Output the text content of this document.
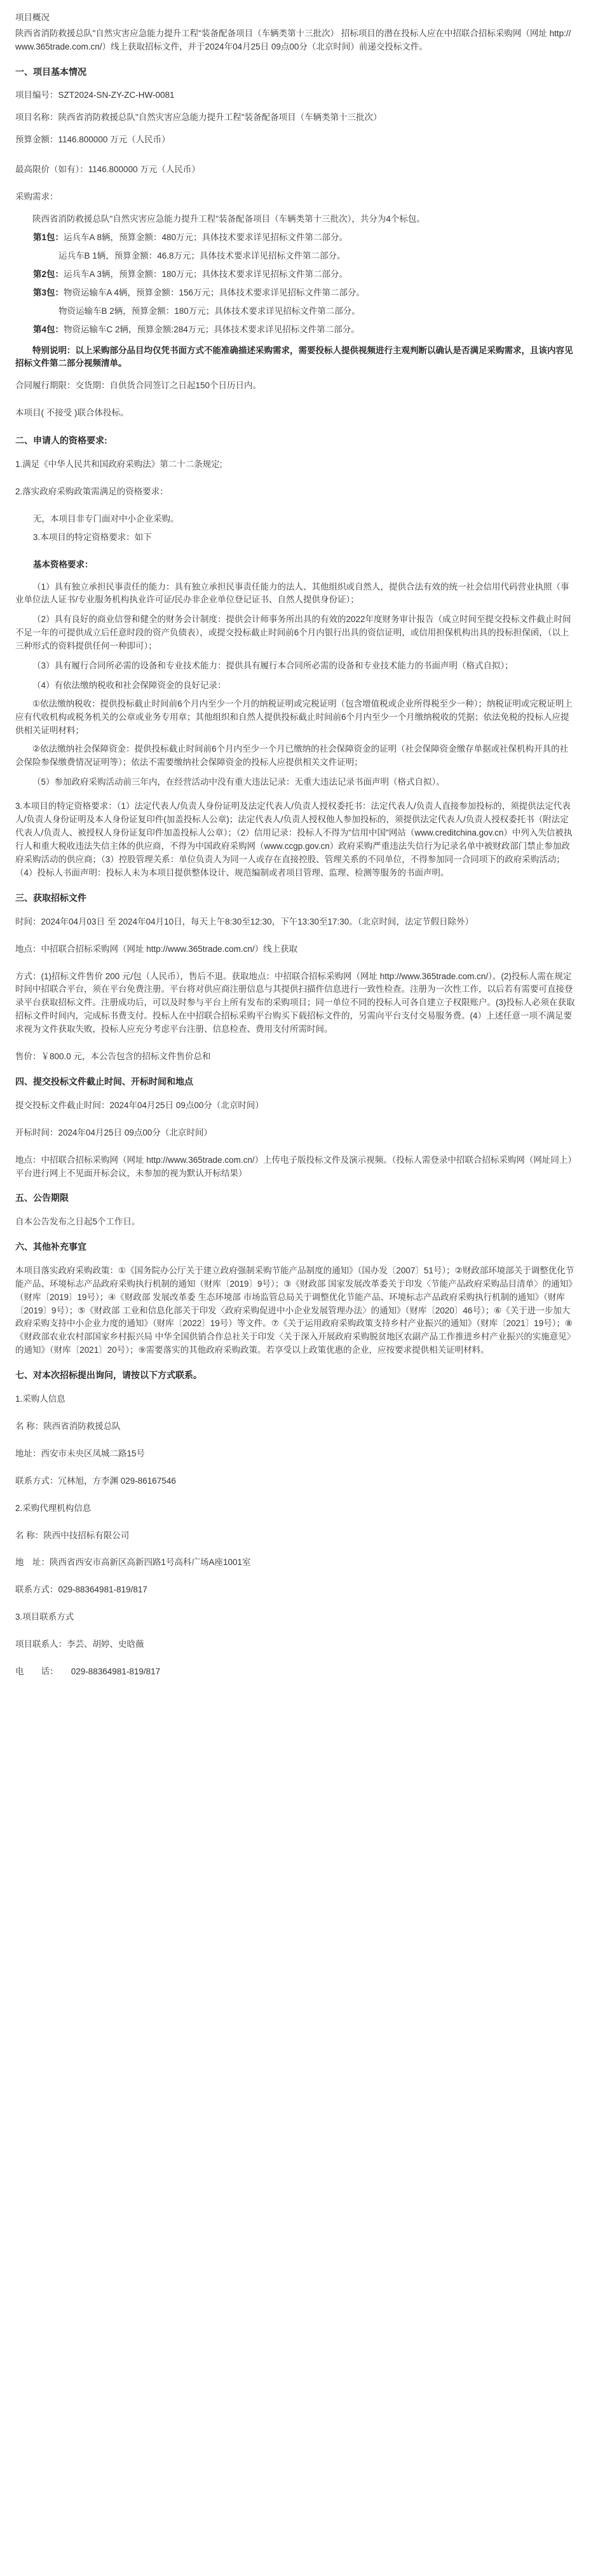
项目概况
陕西省消防救援总队"自然灾害应急能力提升工程"装备配备项目（车辆类第十三批次） 招标项目的潜在投标人应在中招联合招标采购网（网址 http://www.365trade.com.cn/）线上获取招标文件，并于2024年04月25日 09点00分（北京时间）前递交投标文件。
一、项目基本情况
项目编号：SZT2024-SN-ZY-ZC-HW-0081
项目名称：陕西省消防救援总队"自然灾害应急能力提升工程"装备配备项目（车辆类第十三批次）
预算金额：1146.800000 万元（人民币）
最高限价（如有）：1146.800000 万元（人民币）
采购需求：
陕西省消防救援总队"自然灾害应急能力提升工程"装备配备项目（车辆类第十三批次），共分为4个标包。
第1包：运兵车A 8辆，预算金额：480万元；具体技术要求详见招标文件第二部分。
运兵车B 1辆，预算金额：46.8万元；具体技术要求详见招标文件第二部分。
第2包：运兵车A 3辆，预算金额：180万元；具体技术要求详见招标文件第二部分。
第3包：物资运输车A 4辆，预算金额：156万元；具体技术要求详见招标文件第二部分。
物资运输车B 2辆，预算金额：180万元；具体技术要求详见招标文件第二部分。
第4包：物资运输车C 2辆，预算金额:284万元；具体技术要求详见招标文件第二部分。
特别说明：以上采购部分品目均仅凭书面方式不能准确描述采购需求，需要投标人提供视频进行主观判断以确认是否满足采购需求，且该内容见招标文件第二部分视频清单。
合同履行期限：交货期：自供货合同签订之日起150个日历日内。
本项目( 不接受 )联合体投标。
二、申请人的资格要求:
1.满足《中华人民共和国政府采购法》第二十二条规定;
2.落实政府采购政策需满足的资格要求：
无，本项目非专门面对中小企业采购。
3.本项目的特定资格要求：如下
基本资格要求：
（1）具有独立承担民事责任的能力：具有独立承担民事责任能力的法人、其他组织或自然人，提供合法有效的统一社会信用代码营业执照（事业单位法人证书/专业服务机构执业许可证/民办非企业单位登记证书、自然人提供身份证）；
（2）具有良好的商业信誉和健全的财务会计制度：提供会计师事务所出具的有效的2022年度财务审计报告（成立时间至提交投标文件截止时间不足一年的可提供成立后任意时段的资产负债表），或提交投标截止时间前6个月内银行出具的资信证明，或信用担保机构出具的投标担保函，（以上三种形式的资料提供任何一种即可）；
（3）具有履行合同所必需的设备和专业技术能力：提供具有履行本合同所必需的设备和专业技术能力的书面声明（格式自拟）；
（4）有依法缴纳税收和社会保障资金的良好记录：
①依法缴纳税收：提供投标截止时间前6个月内至少一个月的纳税证明或完税证明（包含增值税或企业所得税至少一种）；纳税证明或完税证明上应有代收机构或税务机关的公章或业务专用章；其他组织和自然人提供投标截止时间前6个月内至少一个月缴纳税收的凭据；依法免税的投标人应提供相关证明材料；
②依法缴纳社会保障资金：提供投标截止时间前6个月内至少一个月已缴纳的社会保障资金的证明（社会保障资金缴存单据或社保机构开具的社会保险参保缴费情况证明等）；依法不需要缴纳社会保障资金的投标人应提供相关文件证明；
（5）参加政府采购活动前三年内，在经营活动中没有重大违法记录：无重大违法记录书面声明（格式自拟）。
3.本项目的特定资格要求：（1）法定代表人/负责人身份证明及法定代表人/负责人授权委托书：法定代表人/负责人直接参加投标的，须提供法定代表人/负责人身份证明及本人身份证复印件(加盖投标人公章)；法定代表人/负责人授权他人参加投标的，须提供法定代表人/负责人授权委托书（附法定代表人/负责人、被授权人身份证复印件加盖投标人公章）；（2）信用记录：投标人不得为"信用中国"网站（www.creditchina.gov.cn）中列入失信被执行人和重大税收违法失信主体的供应商，不得为中国政府采购网（www.ccgp.gov.cn）政府采购严重违法失信行为记录名单中被财政部门禁止参加政府采购活动的供应商；（3）控股管理关系：单位负责人为同一人或存在直接控股、管理关系的不同单位，不得参加同一合同项下的政府采购活动；（4）投标人书面声明：投标人未为本项目提供整体设计、规范编制或者项目管理、监理、检测等服务的书面声明。
三、获取招标文件
时间：2024年04月03日 至 2024年04月10日，每天上午8:30至12:30，下午13:30至17:30。（北京时间，法定节假日除外）
地点：中招联合招标采购网（网址 http://www.365trade.com.cn/）线上获取
方式：(1)招标文件售价 200 元/包（人民币），售后不退。获取地点：中招联合招标采购网（网址 http://www.365trade.com.cn/）。(2)投标人需在规定时间中招联合平台，须在平台免费注册。平台将对供应商注册信息与其提供扫描件信息进行一致性检查。注册为一次性工作，以后若有需要可直接登录平台获取招标文件。注册成功后，可以及时参与平台上所有发布的采购项目；同一单位不同的投标人可各自建立子权限账户。(3)投标人必须在获取招标文件时间内，完成标书费支付。投标人在中招联合招标采购平台购买下载招标文件的，另需向平台支付交易服务费。(4）上述任意一项不满足要求视为文件获取失败，投标人应充分考虑平台注册、信息检查、费用支付所需时间。
售价：￥800.0 元，本公告包含的招标文件售价总和
四、提交投标文件截止时间、开标时间和地点
提交投标文件截止时间：2024年04月25日 09点00分（北京时间）
开标时间：2024年04月25日 09点00分（北京时间）
地点：中招联合招标采购网（网址 http://www.365trade.com.cn/）上传电子版投标文件及演示视频。（投标人需登录中招联合招标采购网（网址同上）平台进行网上不见面开标会议，未参加的视为默认开标结果）
五、公告期限
自本公告发布之日起5个工作日。
六、其他补充事宜
本项目落实政府采购政策：①《国务院办公厅关于建立政府强制采购节能产品制度的通知》（国办发〔2007〕51号）；②财政部环境部关于调整优化节能产品、环境标志产品政府采购执行机制的通知（财库〔2019〕9号）；③《财政部 国家发展改革委关于印发〈节能产品政府采购品目清单〉的通知》（财库〔2019〕19号）；④《财政部 发展改革委 生态环境部 市场监管总局关于调整优化节能产品、环境标志产品政府采购执行机制的通知》（财库〔2019〕9号）；⑤《财政部 工业和信息化部关于印发〈政府采购促进中小企业发展管理办法〉的通知》（财库〔2020〕46号）；⑥《关于进一步加大政府采购支持中小企业力度的通知》（财库〔2022〕19号）等文件。⑦《关于运用政府采购政策支持乡村产业振兴的通知》（财库〔2021〕19号）；⑧《财政部农业农村部国家乡村振兴局 中华全国供销合作总社关于印发〈关于深入开展政府采购脱贫地区农副产品工作推进乡村产业振兴的实施意见〉的通知》（财库〔2021〕20号）；⑨需要落实的其他政府采购政策。若享受以上政策优惠的企业，应按要求提供相关证明材料。
七、对本次招标提出询问，请按以下方式联系。
1.采购人信息
名 称：陕西省消防救援总队
地址：西安市未央区凤城二路15号
联系方式：冗林旭，方李渊 029-86167546
2.采购代理机构信息
名 称：陕西中技招标有限公司
地　址：陕西省西安市高新区高新四路1号高科广场A座1001室
联系方式：029-88364981-819/817
3.项目联系方式
项目联系人：李芸、胡婷、史晗薇
电　　话：　　029-88364981-819/817
